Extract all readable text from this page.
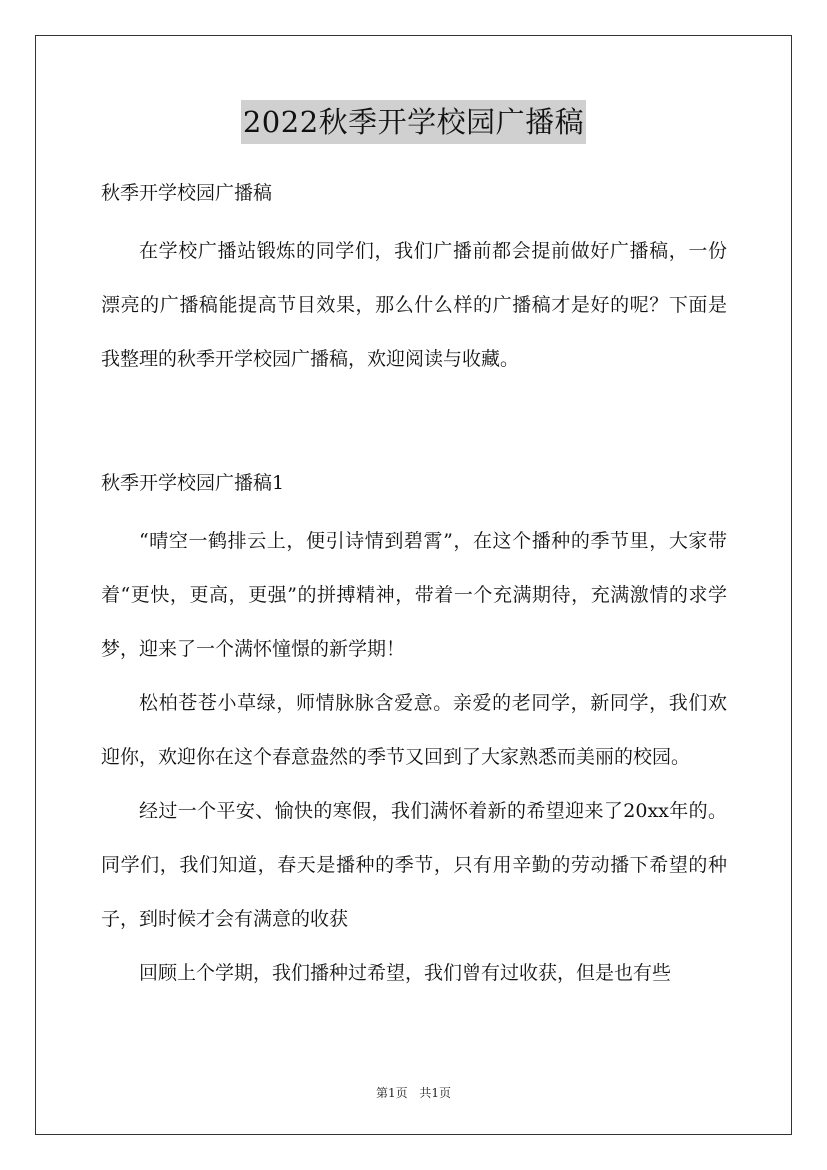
2022秋季开学校园广播稿
秋季开学校园广播稿

在学校广播站锻炼的同学们，我们广播前都会提前做好广播稿，一份漂亮的广播稿能提高节目效果，那么什么样的广播稿才是好的呢？下面是我整理的秋季开学校园广播稿，欢迎阅读与收藏。

秋季开学校园广播稿1

“晴空一鹤排云上，便引诗情到碧霄”，在这个播种的季节里，大家带着“更快，更高，更强”的拼搏精神，带着一个充满期待，充满激情的求学梦，迎来了一个满怀憧憬的新学期！

松柏苍苍小草绿，师情脉脉含爱意。亲爱的老同学，新同学，我们欢迎你，欢迎你在这个春意盎然的季节又回到了大家熟悉而美丽的校园。

经过一个平安、愉快的寒假，我们满怀着新的希望迎来了20xx年的。同学们，我们知道，春天是播种的季节，只有用辛勤的劳动播下希望的种子，到时候才会有满意的收获

回顾上个学期，我们播种过希望，我们曾有过收获，但是也有些

第1页 共1页
